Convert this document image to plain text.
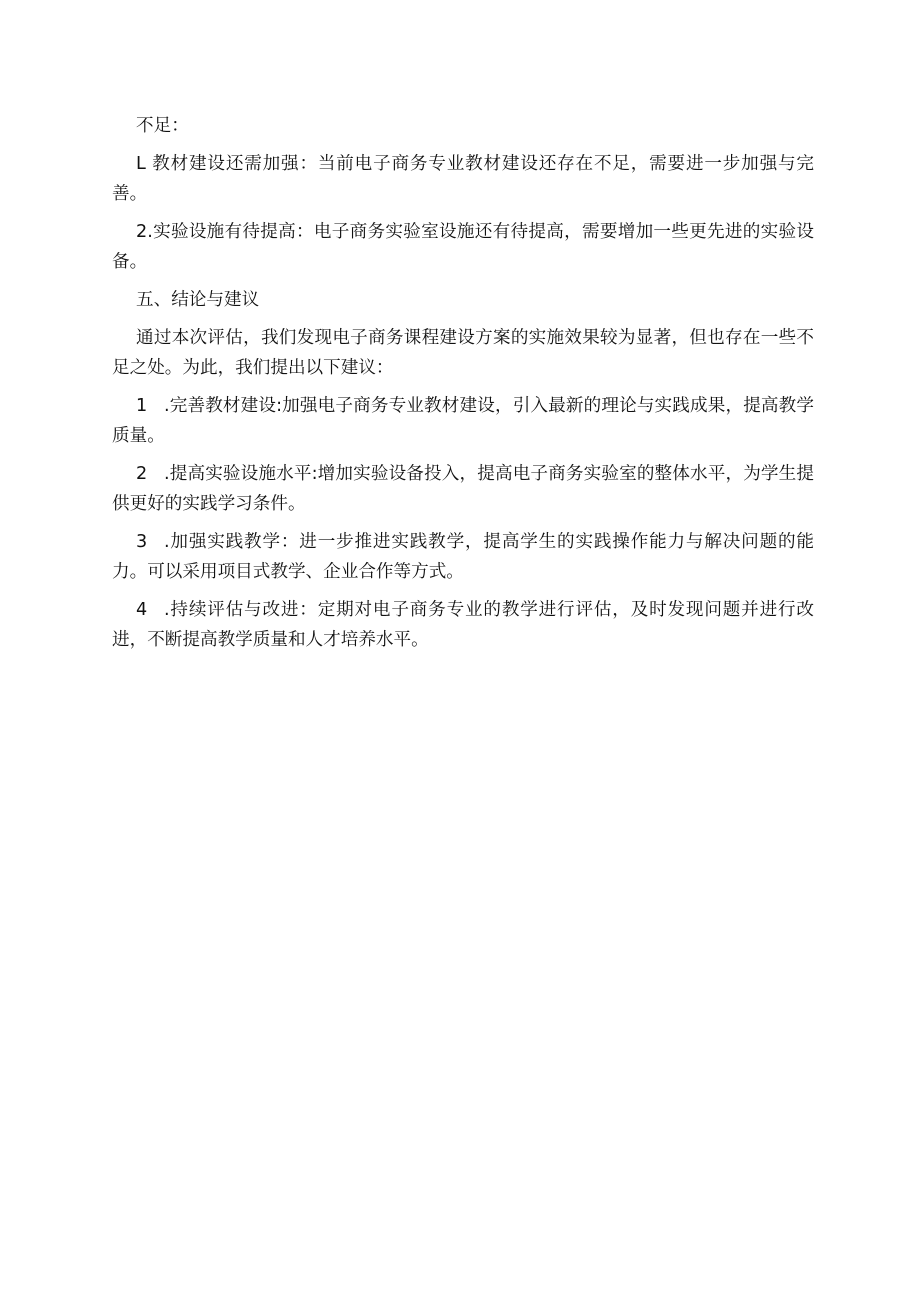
不足：

L 教材建设还需加强：当前电子商务专业教材建设还存在不足，需要进一步加强与完善。

2.实验设施有待提高：电子商务实验室设施还有待提高，需要增加一些更先进的实验设备。

五、结论与建议

通过本次评估，我们发现电子商务课程建设方案的实施效果较为显著，但也存在一些不足之处。为此，我们提出以下建议：

1 .完善教材建设:加强电子商务专业教材建设，引入最新的理论与实践成果，提高教学质量。

2 .提高实验设施水平:增加实验设备投入，提高电子商务实验室的整体水平，为学生提供更好的实践学习条件。

3 .加强实践教学：进一步推进实践教学，提高学生的实践操作能力与解决问题的能力。可以采用项目式教学、企业合作等方式。

4 .持续评估与改进：定期对电子商务专业的教学进行评估，及时发现问题并进行改进，不断提高教学质量和人才培养水平。
